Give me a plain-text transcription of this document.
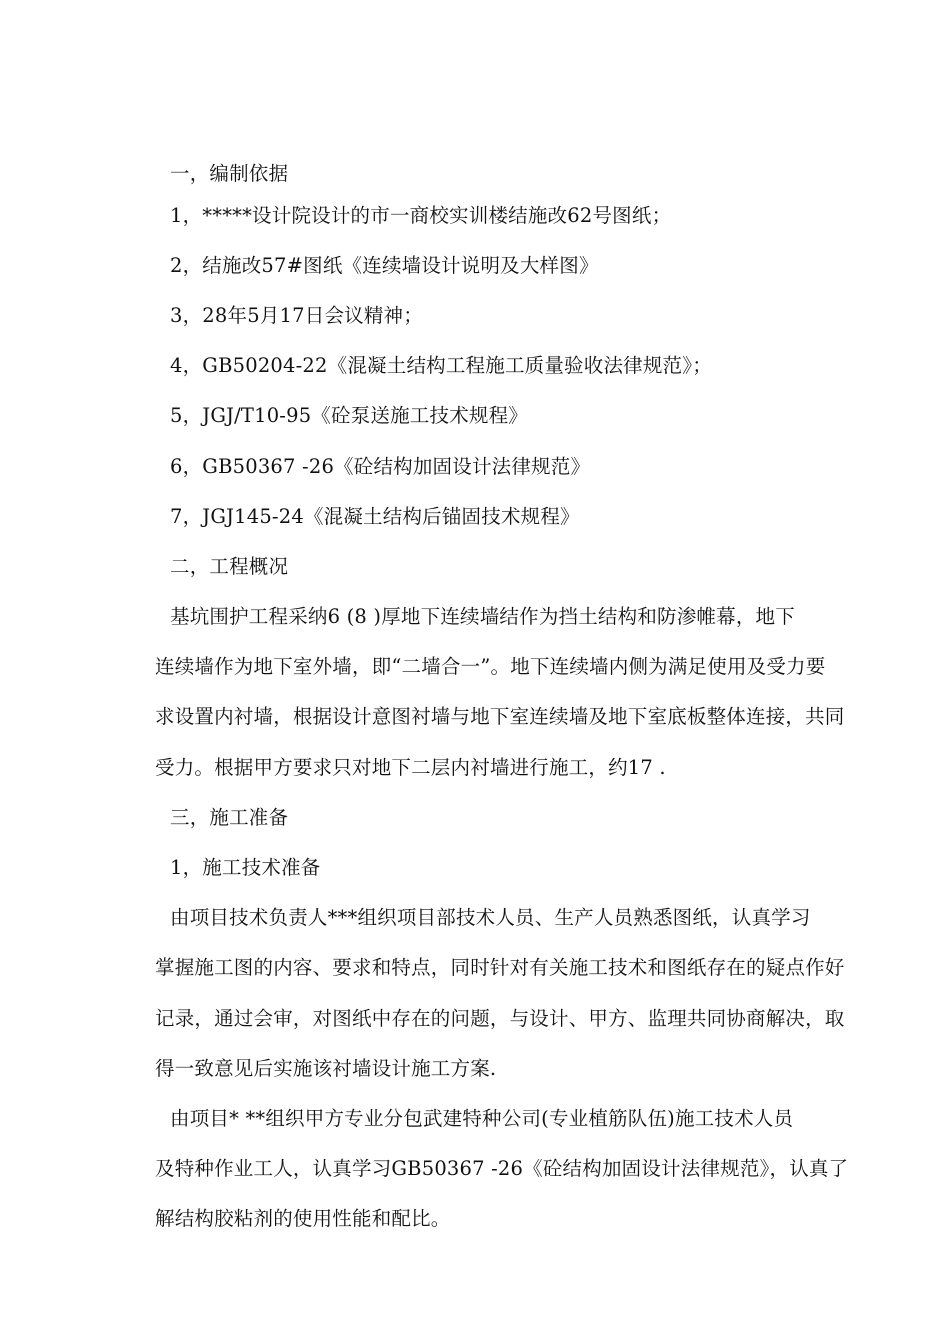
一，编制依据
1，*****设计院设计的市一商校实训楼结施改62号图纸；
2，结施改57#图纸《连续墙设计说明及大样图》
3，28年5月17日会议精神；
4，GB50204-22《混凝土结构工程施工质量验收法律规范》；
5，JGJ/T10-95《砼泵送施工技术规程》
6，GB50367 -26《砼结构加固设计法律规范》
7，JGJ145-24《混凝土结构后锚固技术规程》
二，工程概况
基坑围护工程采纳6 (8 )厚地下连续墙结作为挡土结构和防渗帷幕，地下
连续墙作为地下室外墙，即“二墙合一”。地下连续墙内侧为满足使用及受力要
求设置内衬墙，根据设计意图衬墙与地下室连续墙及地下室底板整体连接，共同
受力。根据甲方要求只对地下二层内衬墙进行施工，约17 .
三，施工准备
1，施工技术准备
由项目技术负责人***组织项目部技术人员、生产人员熟悉图纸，认真学习
掌握施工图的内容、要求和特点，同时针对有关施工技术和图纸存在的疑点作好
记录，通过会审，对图纸中存在的问题，与设计、甲方、监理共同协商解决，取
得一致意见后实施该衬墙设计施工方案.
由项目* **组织甲方专业分包武建特种公司(专业植筋队伍)施工技术人员
及特种作业工人，认真学习GB50367 -26《砼结构加固设计法律规范》，认真了
解结构胶粘剂的使用性能和配比。
